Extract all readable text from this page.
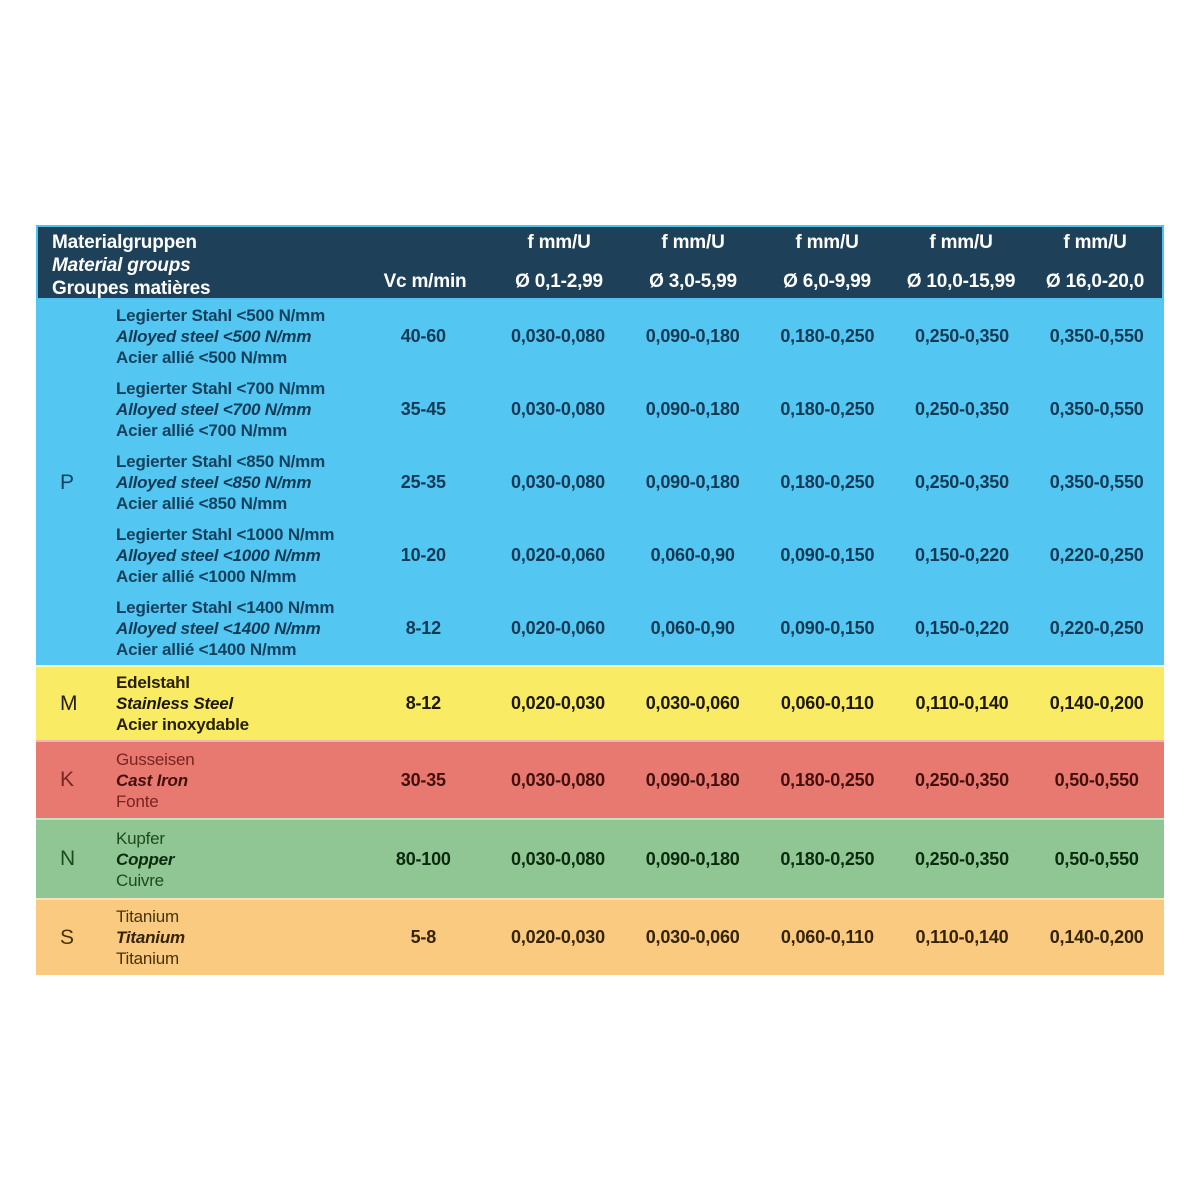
Materialgruppen
Material groups
Groupes matières	Vc m/min
f mm/U
Ø 0,1-2,99
f mm/U
Ø 3,0-5,99
f mm/U
Ø 6,0-9,99
f mm/U
Ø 10,0-15,99
f mm/U
Ø 16,0-20,0
P
Legierter Stahl <500 N/mm
Alloyed steel <500 N/mm
Acier allié <500 N/mm
40-60	0,030-0,080	0,090-0,180	0,180-0,250	0,250-0,350	0,350-0,550
Legierter Stahl <700 N/mm
Alloyed steel <700 N/mm
Acier allié <700 N/mm
35-45	0,030-0,080	0,090-0,180	0,180-0,250	0,250-0,350	0,350-0,550
Legierter Stahl <850 N/mm
Alloyed steel <850 N/mm
Acier allié <850 N/mm
25-35	0,030-0,080	0,090-0,180	0,180-0,250	0,250-0,350	0,350-0,550
Legierter Stahl <1000 N/mm
Alloyed steel <1000 N/mm
Acier allié <1000 N/mm
10-20	0,020-0,060	0,060-0,90	0,090-0,150	0,150-0,220	0,220-0,250
Legierter Stahl <1400 N/mm
Alloyed steel <1400 N/mm
Acier allié <1400 N/mm
8-12	0,020-0,060	0,060-0,90	0,090-0,150	0,150-0,220	0,220-0,250
M
Edelstahl
Stainless Steel
Acier inoxydable
8-12	0,020-0,030	0,030-0,060	0,060-0,110	0,110-0,140	0,140-0,200
K
Gusseisen
Cast Iron
Fonte
30-35	0,030-0,080	0,090-0,180	0,180-0,250	0,250-0,350	0,50-0,550
N
Kupfer
Copper
Cuivre
80-100	0,030-0,080	0,090-0,180	0,180-0,250	0,250-0,350	0,50-0,550
S
Titanium
Titanium
Titanium
5-8	0,020-0,030	0,030-0,060	0,060-0,110	0,110-0,140	0,140-0,200
